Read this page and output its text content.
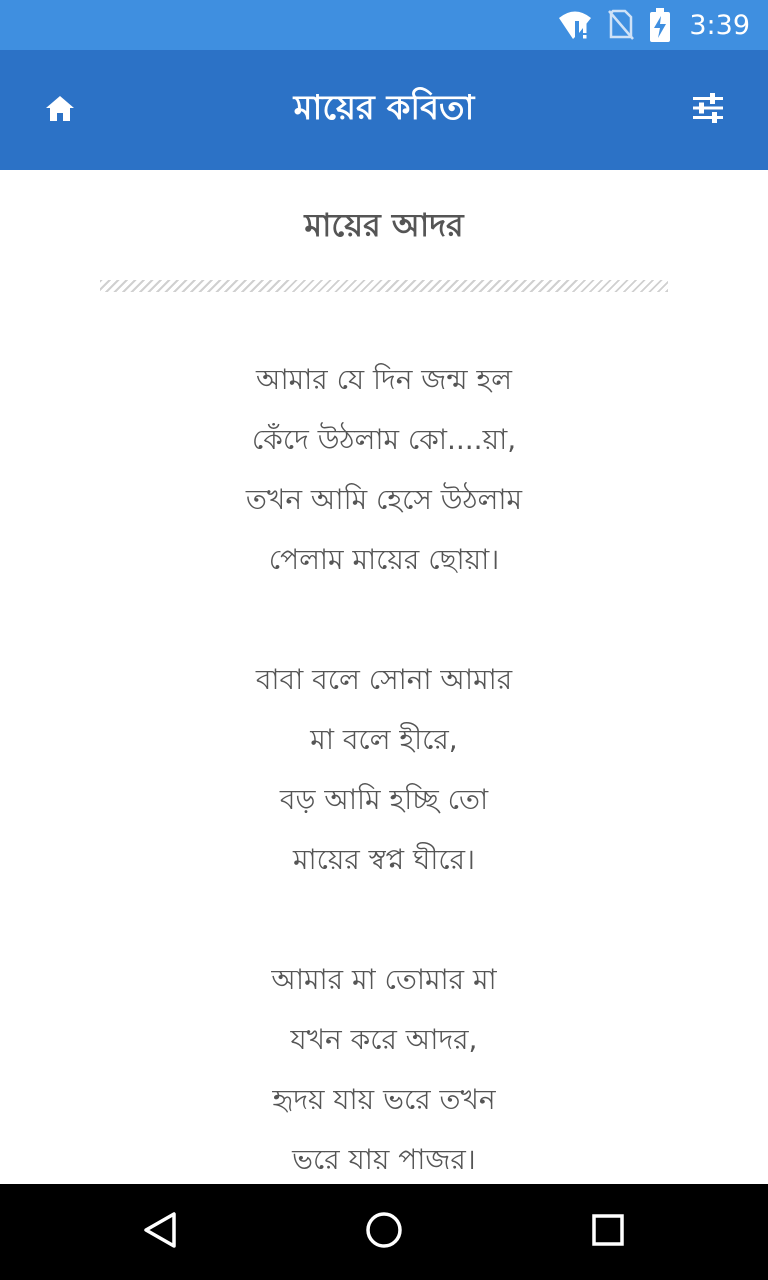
3:39
মায়ের কবিতা
মায়ের আদর
আমার যে দিন জন্ম হল
কেঁদে উঠলাম কো....য়া,
তখন আমি হেসে উঠলাম
পেলাম মায়ের ছোয়া।
বাবা বলে সোনা আমার
মা বলে হীরে,
বড় আমি হচ্ছি তো
মায়ের স্বপ্ন ঘীরে।
আমার মা তোমার মা
যখন করে আদর,
হৃদয় যায় ভরে তখন
ভরে যায় পাজর।
